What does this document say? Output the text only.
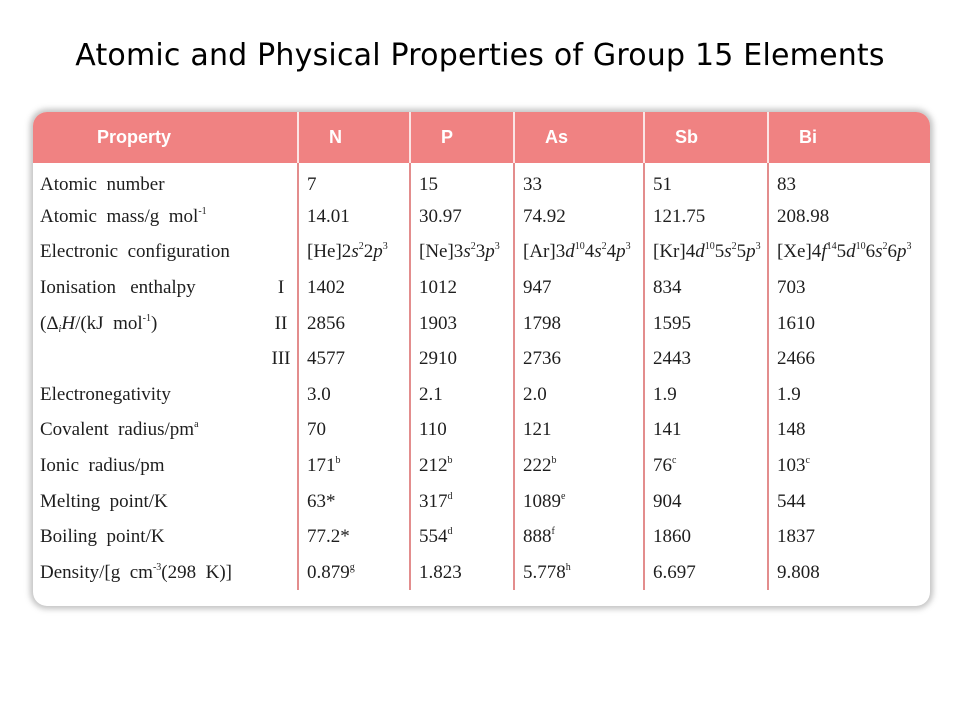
Atomic and Physical Properties of Group 15 Elements
Property		N	P	As	Sb	Bi
Atomic  number		7	15	33	51	83
Atomic  mass/g  mol$^{-1}$		14.01	30.97	74.92	121.75	208.98
Electronic  configuration		$[He]2s^22p^3$	$[Ne]3s^23p^3$	$[Ar]3d^{10}4s^24p^3$	$[Kr]4d^{10}5s^25p^3$	$[Xe]4f^{14}5d^{10}6s^26p^3$
Ionisation   enthalpy	I	1402	1012	947	834	703
($\Delta_iH/(kJ$  mol$^{-1}$)	II	2856	1903	1798	1595	1610
	III	4577	2910	2736	2443	2466
Electronegativity		3.0	2.1	2.0	1.9	1.9
Covalent  radius/$pm^a$		70	110	121	141	148
Ionic  radius/pm		171$^b$	212$^b$	222$^b$	76$^c$	103$^c$
Melting  point/K		63*	317$^d$	1089e	904	544
Boiling  point/K		77.2*	554$^d$	888$^f$	1860	1837
Density/[g  $cm^{-3}(298$  K)]		0.879$^g$	1.823	5.778$^h$	6.697	9.808
